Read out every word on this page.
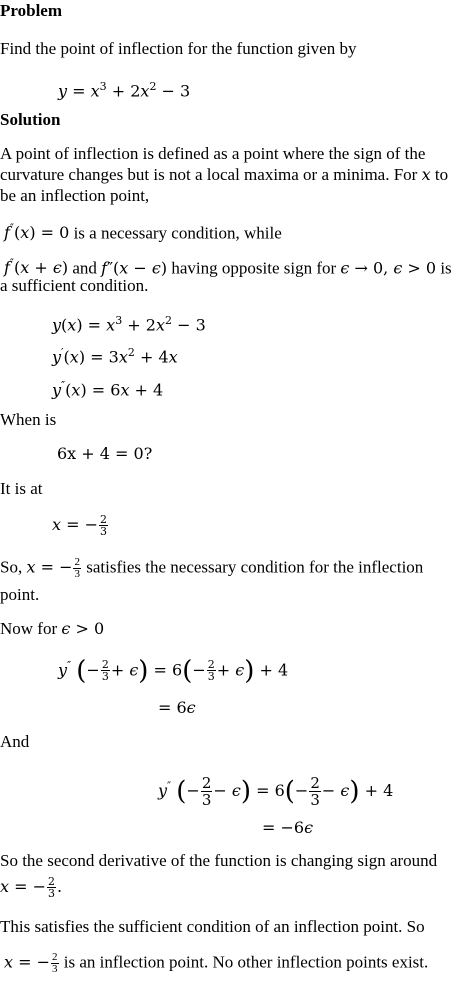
Problem
Find the point of inflection for the function given by
$y = x^3 + 2x^2 - 3$
Solution
A point of inflection is defined as a point where the sign of the
curvature changes but is not a local maxima or a minima. For x to
be an inflection point,
f″(x) = 0 is a necessary condition, while
f″(x + ϵ) and f″(x − ϵ) having opposite sign for ϵ → 0, ϵ > 0 is
a sufficient condition.
$y(x) = x^3 + 2x^2 - 3$
$y'(x) = 3x^2 + 4x$
y″(x) = 6x + 4
When is
6x + 4 = 0?
It is at
x = − $\frac{2}{3}$
So, x = − $\frac{2}{3}$ satisfies the necessary condition for the inflection
point.
Now for ϵ > 0
y″ (− $\frac{2}{3} + \epsilon) = 6(- \frac{2}{3} + \epsilon) + 4$
= 6ϵ
And
y″ (− $\frac{2}{3} - \epsilon) = 6(- \frac{2}{3} - \epsilon) + 4$
= −6ϵ
So the second derivative of the function is changing sign around
x = − $\frac{2}{3}$ .
This satisfies the sufficient condition of an inflection point. So
x = − $\frac{2}{3}$ is an inflection point. No other inflection points exist.
